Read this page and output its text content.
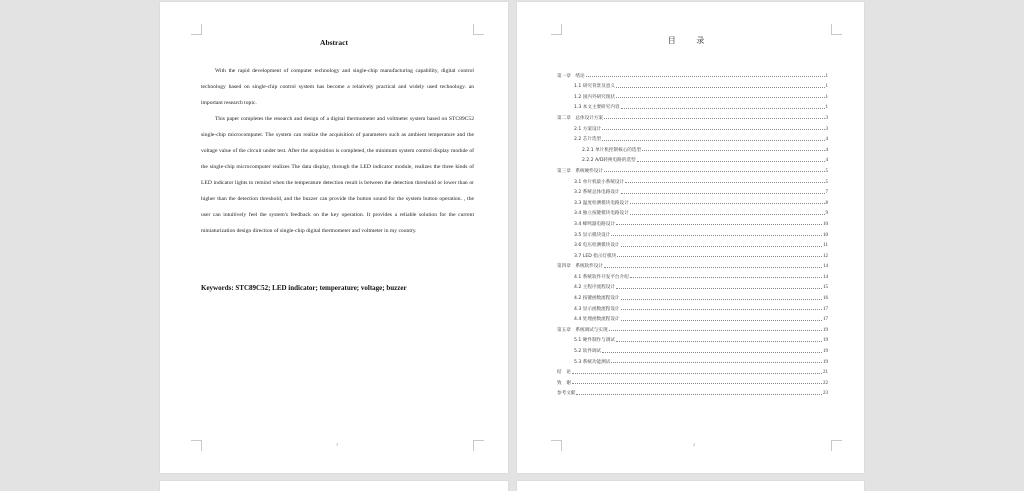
Abstract

With the rapid development of computer technology and single-chip manufacturing capability, digital control technology based on single-chip control system has become a relatively practical and widely used technology. an important research topic.

This paper completes the research and design of a digital thermometer and voltmeter system based on STC89C52 single-chip microcomputer. The system can realize the acquisition of parameters such as ambient temperature and the voltage value of the circuit under test. After the acquisition is completed, the minimum system control display module of the single-chip microcomputer realizes The data display, through the LED indicator module, realizes the three kinds of LED indicator lights to remind when the temperature detection result is between the detection threshold or lower than or higher than the detection threshold, and the buzzer can provide the button sound for the system button operation. , the user can intuitively feel the system's feedback on the key operation. It provides a reliable solution for the current miniaturization design direction of single-chip digital thermometer and voltmeter in my country.

Keywords: STC89C52; LED indicator; temperature; voltage; buzzer
3
目 录
第一章　绪论	1
1.1 研究背景及意义	1
1.2 国内外研究现状	1
1.3 本文主要研究内容	1
第二章　总体设计方案	3
2.1 方案设计	3
2.2 芯片选型	4
2.2.1 单片机控制核心的选型	4
2.2.2 A/D转换电路的选型	4
第三章　系统硬件设计	5
3.1 单片机最小系统设计	5
3.2 系统总体电路设计	7
3.3 温度检测模块电路设计	8
3.4 独立按键模块电路设计	9
3.4 蜂鸣器电路设计	10
3.5 显示模块设计	10
3.6 电压检测模块设计	11
3.7 LED 指示灯模块	12
第四章　系统软件设计	14
4.1 系统软件开发平台介绍	14
4.2 主程序流程设计	15
4.2 按键函数流程设计	16
4.3 显示函数流程设计	17
4.4 处理函数流程设计	17
第五章　系统调试与实现	19
5.1 硬件制作与调试	19
5.2 软件调试	19
5.3 系统功能测试	19
结　论	21
致　谢	22
参考文献	23
4
